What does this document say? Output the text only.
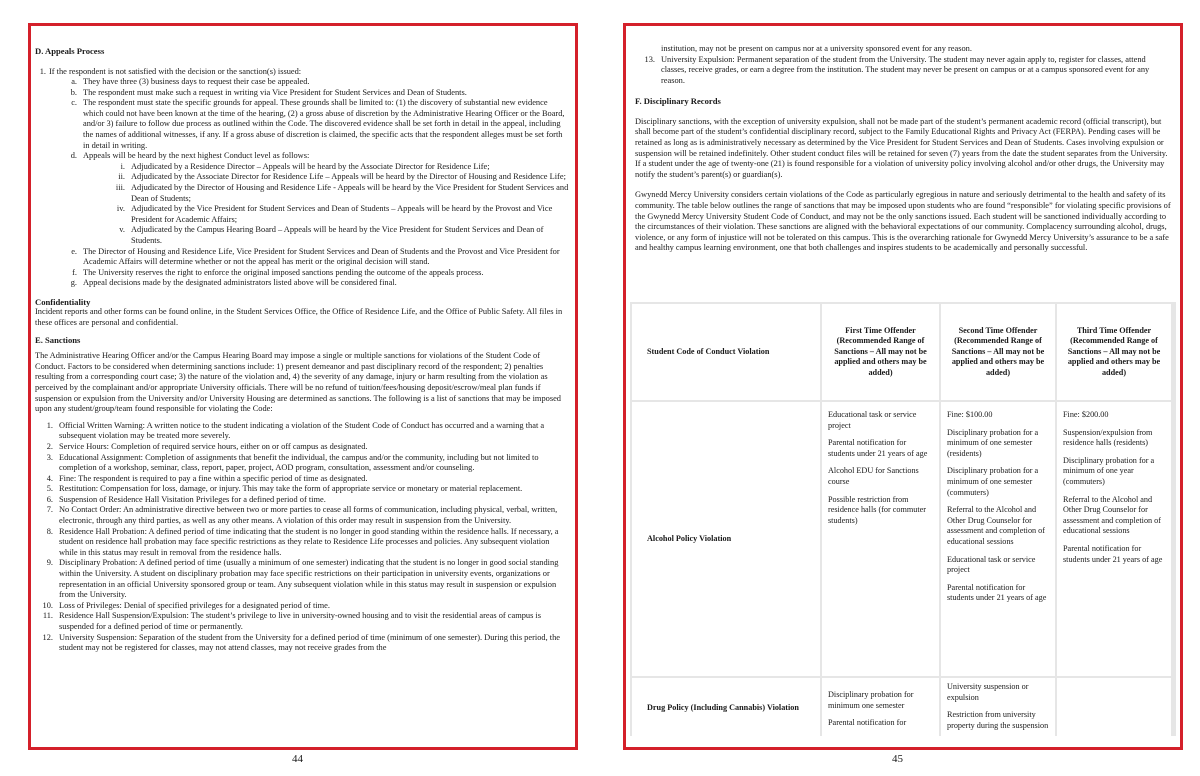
D. Appeals Process

1. If the respondent is not satisfied with the decision or the sanction(s) issued:
a. They have three (3) business days to request their case be appealed.
b. The respondent must make such a request in writing via Vice President for Student Services and Dean of Students.
c. The respondent must state the specific grounds for appeal. These grounds shall be limited to: (1) the discovery of substantial new evidence which could not have been known at the time of the hearing, (2) a gross abuse of discretion by the Administrative Hearing Officer or the Board, and/or 3) failure to follow due process as outlined within the Code. The discovered evidence shall be set forth in detail in the appeal, including the names of additional witnesses, if any. If a gross abuse of discretion is claimed, the specific acts that the respondent alleges must be set forth in detail in writing.
d. Appeals will be heard by the next highest Conduct level as follows:
i. Adjudicated by a Residence Director – Appeals will be heard by the Associate Director for Residence Life;
ii. Adjudicated by the Associate Director for Residence Life – Appeals will be heard by the Director of Housing and Residence Life;
iii. Adjudicated by the Director of Housing and Residence Life - Appeals will be heard by the Vice President for Student Services and Dean of Students;
iv. Adjudicated by the Vice President for Student Services and Dean of Students – Appeals will be heard by the Provost and Vice President for Academic Affairs;
v. Adjudicated by the Campus Hearing Board – Appeals will be heard by the Vice President for Student Services and Dean of Students.
e. The Director of Housing and Residence Life, Vice President for Student Services and Dean of Students and the Provost and Vice President for Academic Affairs will determine whether or not the appeal has merit or the original decision will stand.
f. The University reserves the right to enforce the original imposed sanctions pending the outcome of the appeals process.
g. Appeal decisions made by the designated administrators listed above will be considered final.

Confidentiality

Incident reports and other forms can be found online, in the Student Services Office, the Office of Residence Life, and the Office of Public Safety. All files in these offices are personal and confidential.

E. Sanctions

The Administrative Hearing Officer and/or the Campus Hearing Board may impose a single or multiple sanctions for violations of the Student Code of Conduct. Factors to be considered when determining sanctions include: 1) present demeanor and past disciplinary record of the respondent; 2) penalties resulting from a corresponding court case; 3) the nature of the violation and, 4) the severity of any damage, injury or harm resulting from the violation as perceived by the complainant and/or appropriate University officials. There will be no refund of tuition/fees/housing deposit/escrow/meal plan funds if suspension or expulsion from the University and/or University Housing are determined as sanctions. The following is a list of sanctions that may be imposed upon any student/group/team found responsible for violating the Code:

1. Official Written Warning: A written notice to the student indicating a violation of the Student Code of Conduct has occurred and a warning that a subsequent violation may be treated more severely.
2. Service Hours: Completion of required service hours, either on or off campus as designated.
3. Educational Assignment: Completion of assignments that benefit the individual, the campus and/or the community, including but not limited to completion of a workshop, seminar, class, report, paper, project, AOD program, consultation, assessment and/or counseling.
4. Fine: The respondent is required to pay a fine within a specific period of time as designated.
5. Restitution: Compensation for loss, damage, or injury. This may take the form of appropriate service or monetary or material replacement.
6. Suspension of Residence Hall Visitation Privileges for a defined period of time.
7. No Contact Order: An administrative directive between two or more parties to cease all forms of communication, including physical, verbal, written, electronic, through any third parties, as well as any other means. A violation of this order may result in suspension from the University.
8. Residence Hall Probation: A defined period of time indicating that the student is no longer in good standing within the residence halls. If necessary, a student on residence hall probation may face specific restrictions as they relate to Residence Life processes and policies. Any subsequent violation while in this status may result in removal from the residence halls.
9. Disciplinary Probation: A defined period of time (usually a minimum of one semester) indicating that the student is no longer in good social standing within the University. A student on disciplinary probation may face specific restrictions on their participation in university events, organizations or representation in an official University sponsored group or team. Any subsequent violation while in this status may result in suspension or expulsion from the University.
10. Loss of Privileges: Denial of specified privileges for a designated period of time.
11. Residence Hall Suspension/Expulsion: The student’s privilege to live in university-owned housing and to visit the residential areas of campus is suspended for a defined period of time or permanently.
12. University Suspension: Separation of the student from the University for a defined period of time (minimum of one semester). During this period, the student may not be registered for classes, may not attend classes, may not receive grades from the
44
institution, may not be present on campus nor at a university sponsored event for any reason.
13. University Expulsion: Permanent separation of the student from the University. The student may never again apply to, register for classes, attend classes, receive grades, or earn a degree from the institution. The student may never be present on campus or at a campus sponsored event for any reason.

F. Disciplinary Records

Disciplinary sanctions, with the exception of university expulsion, shall not be made part of the student’s permanent academic record (official transcript), but shall become part of the student’s confidential disciplinary record, subject to the Family Educational Rights and Privacy Act (FERPA). Pending cases will be retained as long as is administratively necessary as determined by the Vice President for Student Services and Dean of Students. Cases involving expulsion or suspension will be retained indefinitely. Other student conduct files will be retained for seven (7) years from the date the student separates from the University. If a student under the age of twenty-one (21) is found responsible for a violation of university policy involving alcohol and/or other drugs, the University may notify the student’s parent(s) or guardian(s).

Gwynedd Mercy University considers certain violations of the Code as particularly egregious in nature and seriously detrimental to the health and safety of its community. The table below outlines the range of sanctions that may be imposed upon students who are found “responsible” for violating specific provisions of the Gwynedd Mercy University Student Code of Conduct, and may not be the only sanctions issued. Each student will be sanctioned individually according to the circumstances of their violation. These sanctions are aligned with the behavioral expectations of our community. Complacency surrounding alcohol, drugs, violence, or any form of injustice will not be tolerated on this campus. This is the overarching rationale for Gwynedd Mercy University’s assurance to be a safe and healthy campus learning environment, one that both challenges and inspires students to be academically and personally successful.

Student Code of Conduct Violation
First Time Offender (Recommended Range of Sanctions – All may not be applied and others may be added)
Second Time Offender (Recommended Range of Sanctions – All may not be applied and others may be added)
Third Time Offender (Recommended Range of Sanctions – All may not be applied and others may be added)
Alcohol Policy Violation

Educational task or service project

Parental notification for students under 21 years of age

Alcohol EDU for Sanctions course

Possible restriction from residence halls (for commuter students)

Fine: $100.00

Disciplinary probation for a minimum of one semester (residents)

Disciplinary probation for a minimum of one semester (commuters)

Referral to the Alcohol and Other Drug Counselor for assessment and completion of educational sessions

Educational task or service project

Parental notification for students under 21 years of age

Fine: $200.00

Suspension/expulsion from residence halls (residents)

Disciplinary probation for a minimum of one year (commuters)

Referral to the Alcohol and Other Drug Counselor for assessment and completion of educational sessions

Parental notification for students under 21 years of age

Drug Policy (Including Cannabis) Violation

Disciplinary probation for minimum one semester

Parental notification for

University suspension or expulsion

Restriction from university property during the suspension

45
